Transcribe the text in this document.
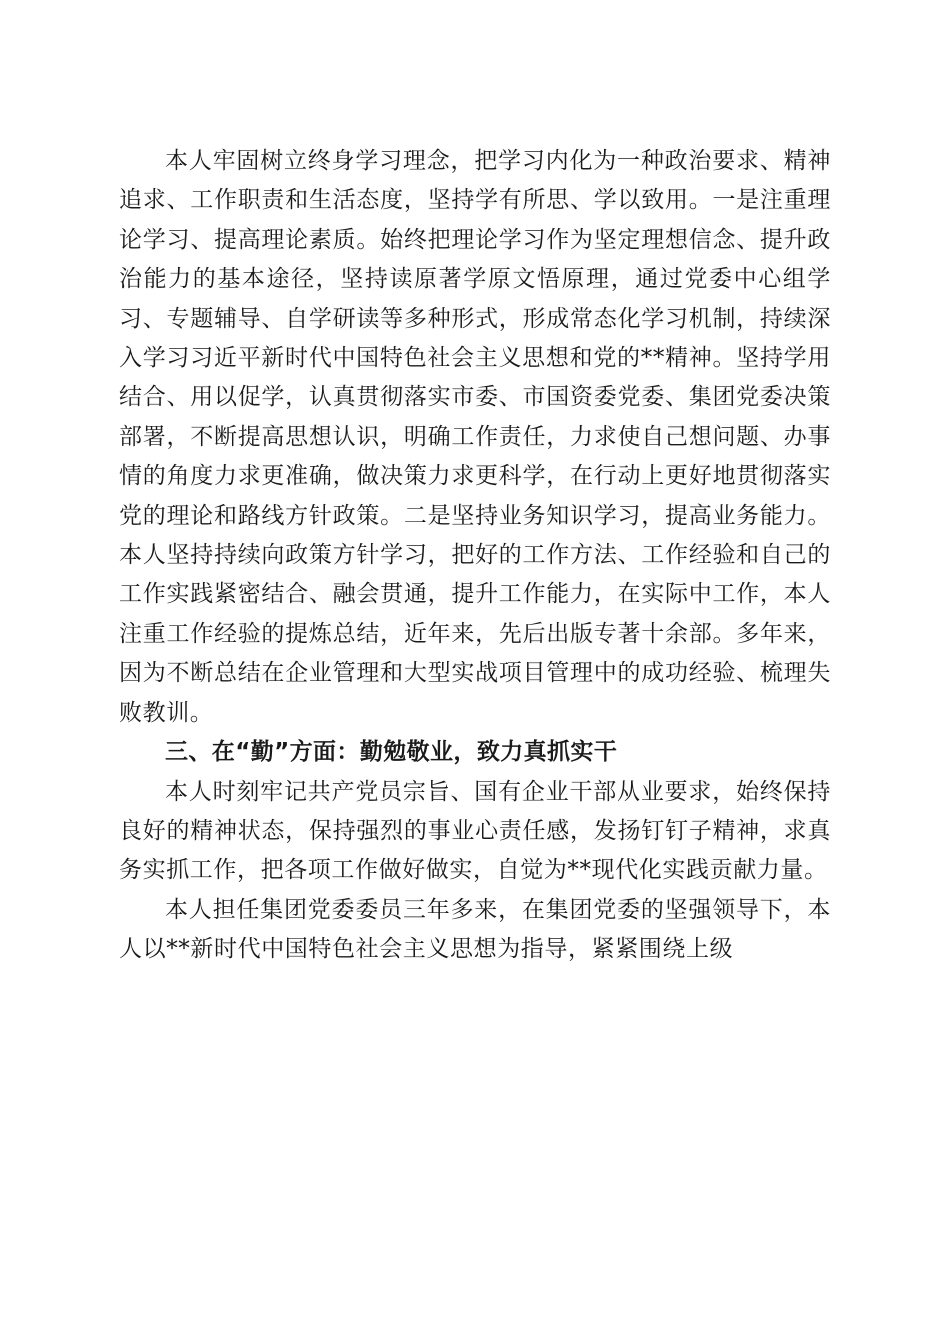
本人牢固树立终身学习理念，把学习内化为一种政治要求、精神追求、工作职责和生活态度，坚持学有所思、学以致用。一是注重理论学习、提高理论素质。始终把理论学习作为坚定理想信念、提升政治能力的基本途径，坚持读原著学原文悟原理，通过党委中心组学习、专题辅导、自学研读等多种形式，形成常态化学习机制，持续深入学习习近平新时代中国特色社会主义思想和党的**精神。坚持学用结合、用以促学，认真贯彻落实市委、市国资委党委、集团党委决策部署，不断提高思想认识，明确工作责任，力求使自己想问题、办事情的角度力求更准确，做决策力求更科学，在行动上更好地贯彻落实党的理论和路线方针政策。二是坚持业务知识学习，提高业务能力。本人坚持持续向政策方针学习，把好的工作方法、工作经验和自己的工作实践紧密结合、融会贯通，提升工作能力，在实际中工作，本人注重工作经验的提炼总结，近年来，先后出版专著十余部。多年来，因为不断总结在企业管理和大型实战项目管理中的成功经验、梳理失败教训。

三、在“勤”方面：勤勉敬业，致力真抓实干

本人时刻牢记共产党员宗旨、国有企业干部从业要求，始终保持良好的精神状态，保持强烈的事业心责任感，发扬钉钉子精神，求真务实抓工作，把各项工作做好做实，自觉为**现代化实践贡献力量。

本人担任集团党委委员三年多来，在集团党委的坚强领导下，本人以**新时代中国特色社会主义思想为指导，紧紧围绕上级
